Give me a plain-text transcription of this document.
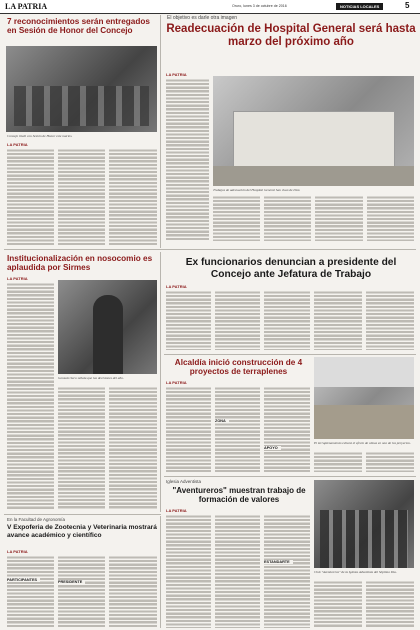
LA PATRIA	Oruro, lunes 3 de octubre de 2016	NOTICIAS LOCALES	5
7 reconocimientos serán entregados en Sesión de Honor del Concejo
Consejo tituló con Sesión de Honor este martes.
LA PATRIA
El objetivo es darle otra imagen
Readecuación de Hospital General será hasta marzo del próximo año
LA PATRIA
Trabajos de adecuación del Hospital General San Juan de Dios
Institucionalización en nosocomio es aplaudida por Sirmes
LA PATRIA
Gonzalo Seco señala que las decisiones del año.
Ex funcionarios denuncian a presidente del Concejo ante Jefatura de Trabajo
LA PATRIA
Alcaldía inició construcción de 4 proyectos de terraplenes
LA PATRIA
ZONA
APOYO
El terraplenamiento evitará el efecto de olmas en uno de los proyectos.
En la Facultad de Agronomía
V Expoferia de Zootecnia y Veterinaria mostrará avance académico y científico
LA PATRIA
PARTICIPANTES	PRESIDENTE
Iglesia Adventista
"Aventureros" muestran trabajo de formación de valores
LA PATRIA
ESTANDARTE
Club "Aventureros" de la Iglesia Adventista del Séptimo Día.
